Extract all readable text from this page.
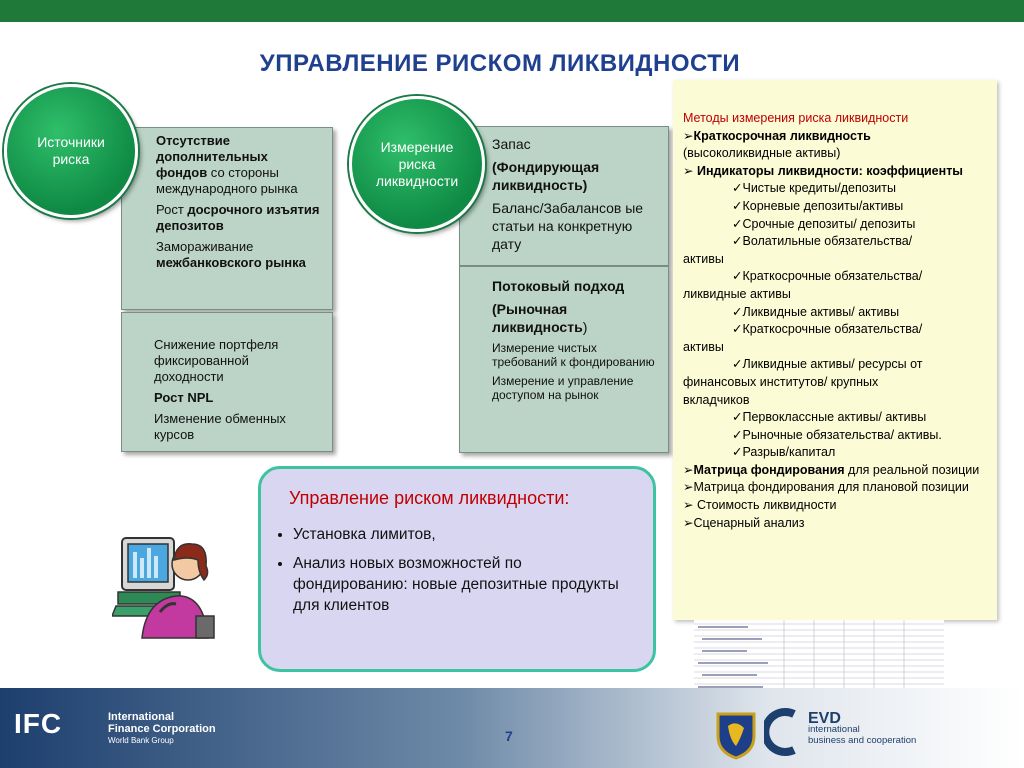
УПРАВЛЕНИЕ РИСКОМ ЛИКВИДНОСТИ

Отсутствие дополнительных фондов со стороны международного рынка

Рост досрочного изъятия депозитов

Замораживание межбанковского рынка

Снижение портфеля фиксированной доходности

Рост NPL

Изменение обменных курсов

Источники риска

Запас

(Фондирующая ликвидность)

Баланс/Забалансов ые статьи на конкретную дату

Потоковый подход

(Рыночная ликвидность)

Измерение чистых требований к фондированию

Измерение и управление доступом на рынок

Измерение риска ликвидности
Методы измерения риска ликвидности
➢Краткосрочная ликвидность
(высоколиквидные активы)
➢ Индикаторы ликвидности: коэффициенты
✓Чистые кредиты/депозиты
✓Корневые депозиты/активы
✓Срочные депозиты/ депозиты
✓Волатильные обязательства/
активы
✓Краткосрочные обязательства/
ликвидные активы
✓Ликвидные активы/ активы
✓Краткосрочные обязательства/
активы
✓Ликвидные активы/ ресурсы от
финансовых институтов/ крупных
вкладчиков
✓Первоклассные активы/ активы
✓Рыночные обязательства/ активы.
✓Разрыв/капитал
➢Матрица фондирования для реальной позиции
➢Матрица фондирования для плановой позиции
➢ Стоимость ликвидности
➢Сценарный анализ
Управление риском ликвидности:
• Установка лимитов,
• Анализ новых возможностей по фондированию: новые депозитные продукты для клиентов
IFC	International
Finance Corporation
World Bank Group	7
EVD
international
business and cooperation
